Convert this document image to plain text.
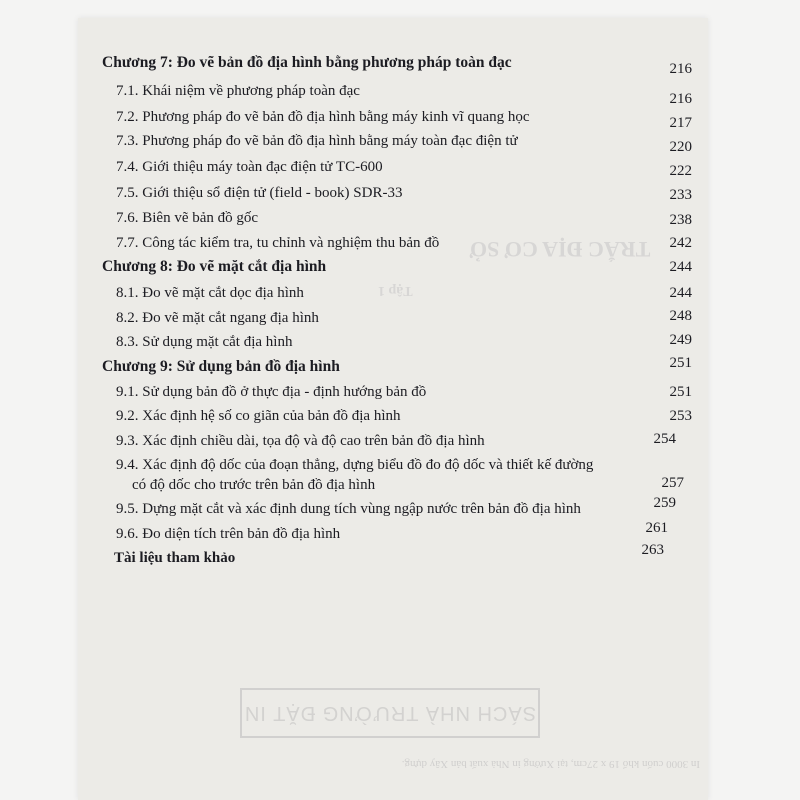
TRẮC ĐỊA CƠ SỞ
Tập 1
SÁCH NHÀ TRƯỜNG ĐẶT IN
In 3000 cuốn khổ 19 x 27cm, tại Xưởng in Nhà xuất bản Xây dựng.
Chương 7: Đo vẽ bản đồ địa hình bằng phương pháp toàn đạc	216
7.1. Khái niệm về phương pháp toàn đạc	216
7.2. Phương pháp đo vẽ bản đồ địa hình bằng máy kinh vĩ quang học	217
7.3. Phương pháp đo vẽ bản đồ địa hình bằng máy toàn đạc điện tử	220
7.4. Giới thiệu máy toàn đạc điện tử TC-600	222
7.5. Giới thiệu sổ điện tử (field - book) SDR-33	233
7.6. Biên vẽ bản đồ gốc	238
7.7. Công tác kiểm tra, tu chỉnh và nghiệm thu bản đồ	242
Chương 8: Đo vẽ mặt cắt địa hình	244
8.1. Đo vẽ mặt cắt dọc địa hình	244
8.2. Đo vẽ mặt cắt ngang địa hình	248
8.3. Sử dụng mặt cắt địa hình	249
Chương 9: Sử dụng bản đồ địa hình	251
9.1. Sử dụng bản đồ ở thực địa - định hướng bản đồ	251
9.2. Xác định hệ số co giãn của bản đồ địa hình	253
9.3. Xác định chiều dài, tọa độ và độ cao trên bản đồ địa hình	254
9.4. Xác định độ dốc của đoạn thẳng, dựng biểu đồ đo độ dốc và thiết kế đường
có độ dốc cho trước trên bản đồ địa hình	257
9.5. Dựng mặt cắt và xác định dung tích vùng ngập nước trên bản đồ địa hình	259
9.6. Đo diện tích trên bản đồ địa hình	261
Tài liệu tham khảo	263
